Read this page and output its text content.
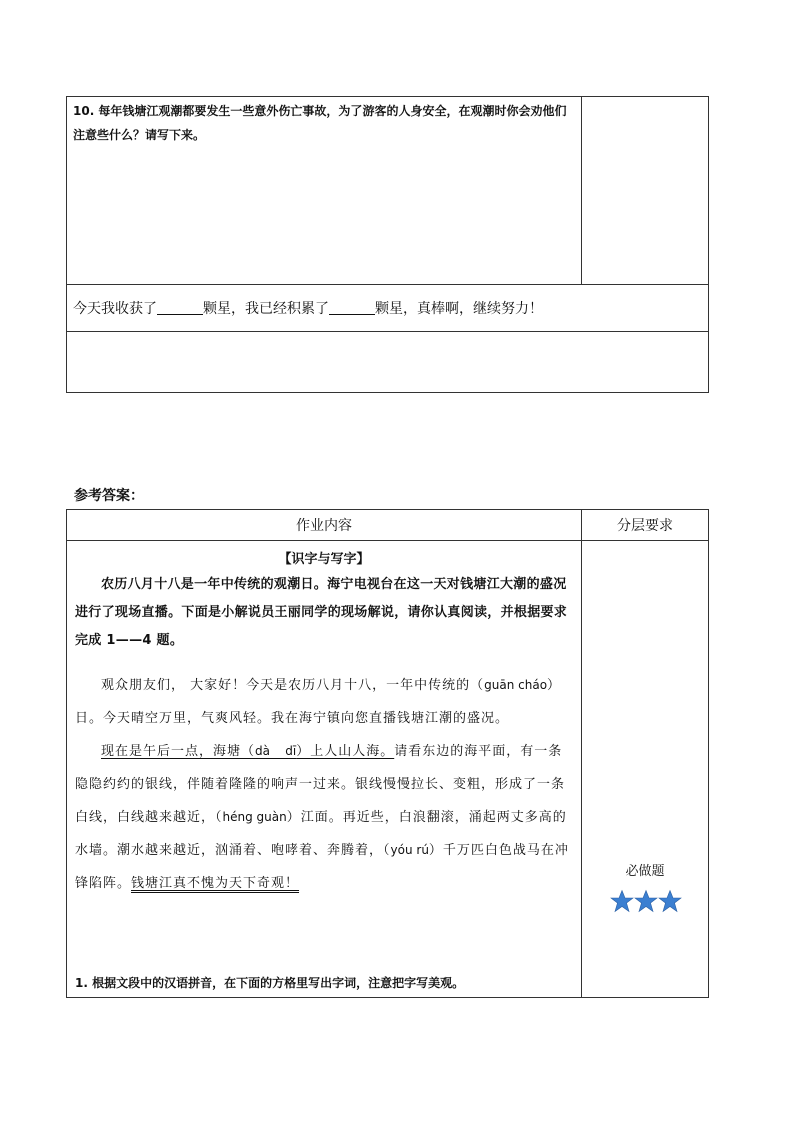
10. 每年钱塘江观潮都要发生一些意外伤亡事故，为了游客的人身安全，在观潮时你会劝他们注意些什么？请写下来。
今天我收获了	颗星，我已经积累了	颗星，真棒啊，继续努力！
参考答案：
作业内容	分层要求
【识字与写字】
农历八月十八是一年中传统的观潮日。海宁电视台在这一天对钱塘江大潮的盛况进行了现场直播。下面是小解说员王丽同学的现场解说，请你认真阅读，并根据要求完成 1——4 题。

观众朋友们， 大家好！今天是农历八月十八，一年中传统的（guān cháo）日。今天晴空万里，气爽风轻。我在海宁镇向您直播钱塘江潮的盛况。

现在是午后一点，海塘（dà    dī）上人山人海。请看东边的海平面，有一条隐隐约约的银线，伴随着隆隆的响声一过来。银线慢慢拉长、变粗，形成了一条白线，白线越来越近，（héng guàn）江面。再近些，白浪翻滚，涌起两丈多高的水墙。潮水越来越近，汹涌着、咆哮着、奔腾着，（yóu rú）千万匹白色战马在冲锋陷阵。钱塘江真不愧为天下奇观！

1. 根据文段中的汉语拼音，在下面的方格里写出字词，注意把字写美观。
必做题
